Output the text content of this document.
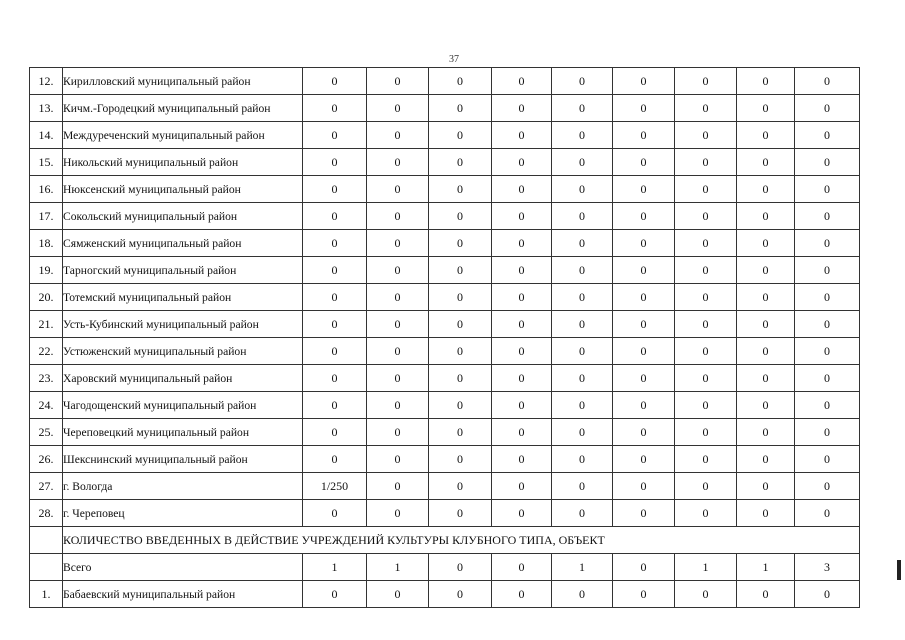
37
12.	Кирилловский муниципальный район	0	0	0	0	0	0	0	0	0
13.	Кичм.-Городецкий муниципальный район	0	0	0	0	0	0	0	0	0
14.	Междуреченский муниципальный район	0	0	0	0	0	0	0	0	0
15.	Никольский муниципальный район	0	0	0	0	0	0	0	0	0
16.	Нюксенский муниципальный район	0	0	0	0	0	0	0	0	0
17.	Сокольский муниципальный район	0	0	0	0	0	0	0	0	0
18.	Сямженский муниципальный район	0	0	0	0	0	0	0	0	0
19.	Тарногский муниципальный район	0	0	0	0	0	0	0	0	0
20.	Тотемский муниципальный район	0	0	0	0	0	0	0	0	0
21.	Усть-Кубинский муниципальный район	0	0	0	0	0	0	0	0	0
22.	Устюженский муниципальный район	0	0	0	0	0	0	0	0	0
23.	Харовский муниципальный район	0	0	0	0	0	0	0	0	0
24.	Чагодощенский муниципальный район	0	0	0	0	0	0	0	0	0
25.	Череповецкий муниципальный район	0	0	0	0	0	0	0	0	0
26.	Шекснинский муниципальный район	0	0	0	0	0	0	0	0	0
27.	г. Вологда	1/250	0	0	0	0	0	0	0	0
28.	г. Череповец	0	0	0	0	0	0	0	0	0
	КОЛИЧЕСТВО ВВЕДЕННЫХ В ДЕЙСТВИЕ УЧРЕЖДЕНИЙ КУЛЬТУРЫ КЛУБНОГО ТИПА, ОБЪЕКТ									
	Всего	1	1	0	0	1	0	1	1	3
1.	Бабаевский муниципальный район	0	0	0	0	0	0	0	0	0
